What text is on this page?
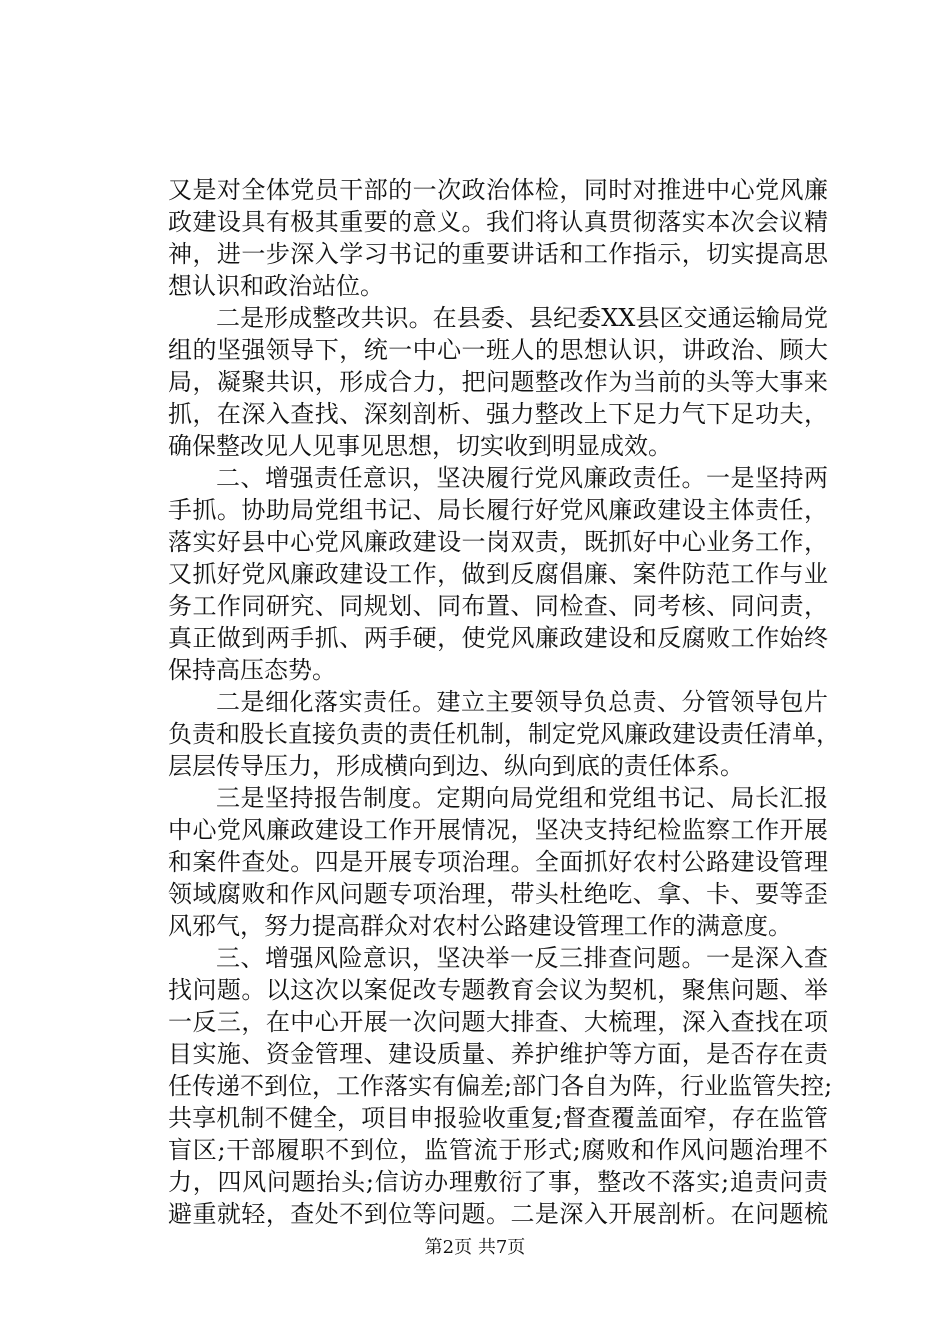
又是对全体党员干部的一次政治体检，同时对推进中心党风廉
政建设具有极其重要的意义。我们将认真贯彻落实本次会议精
神，进一步深入学习书记的重要讲话和工作指示，切实提高思
想认识和政治站位。
二是形成整改共识。在县委、县纪委XX县区交通运输局党
组的坚强领导下，统一中心一班人的思想认识，讲政治、顾大
局，凝聚共识，形成合力，把问题整改作为当前的头等大事来
抓，在深入查找、深刻剖析、强力整改上下足力气下足功夫，
确保整改见人见事见思想，切实收到明显成效。
二、增强责任意识，坚决履行党风廉政责任。一是坚持两
手抓。协助局党组书记、局长履行好党风廉政建设主体责任，
落实好县中心党风廉政建设一岗双责，既抓好中心业务工作，
又抓好党风廉政建设工作，做到反腐倡廉、案件防范工作与业
务工作同研究、同规划、同布置、同检查、同考核、同问责，
真正做到两手抓、两手硬，使党风廉政建设和反腐败工作始终
保持高压态势。
二是细化落实责任。建立主要领导负总责、分管领导包片
负责和股长直接负责的责任机制，制定党风廉政建设责任清单，
层层传导压力，形成横向到边、纵向到底的责任体系。
三是坚持报告制度。定期向局党组和党组书记、局长汇报
中心党风廉政建设工作开展情况，坚决支持纪检监察工作开展
和案件查处。四是开展专项治理。全面抓好农村公路建设管理
领域腐败和作风问题专项治理，带头杜绝吃、拿、卡、要等歪
风邪气，努力提高群众对农村公路建设管理工作的满意度。
三、增强风险意识，坚决举一反三排查问题。一是深入查
找问题。以这次以案促改专题教育会议为契机，聚焦问题、举
一反三，在中心开展一次问题大排查、大梳理，深入查找在项
目实施、资金管理、建设质量、养护维护等方面，是否存在责
任传递不到位，工作落实有偏差;部门各自为阵，行业监管失控;
共享机制不健全，项目申报验收重复;督查覆盖面窄，存在监管
盲区;干部履职不到位，监管流于形式;腐败和作风问题治理不
力，四风问题抬头;信访办理敷衍了事，整改不落实;追责问责
避重就轻，查处不到位等问题。二是深入开展剖析。在问题梳
第2页 共7页
